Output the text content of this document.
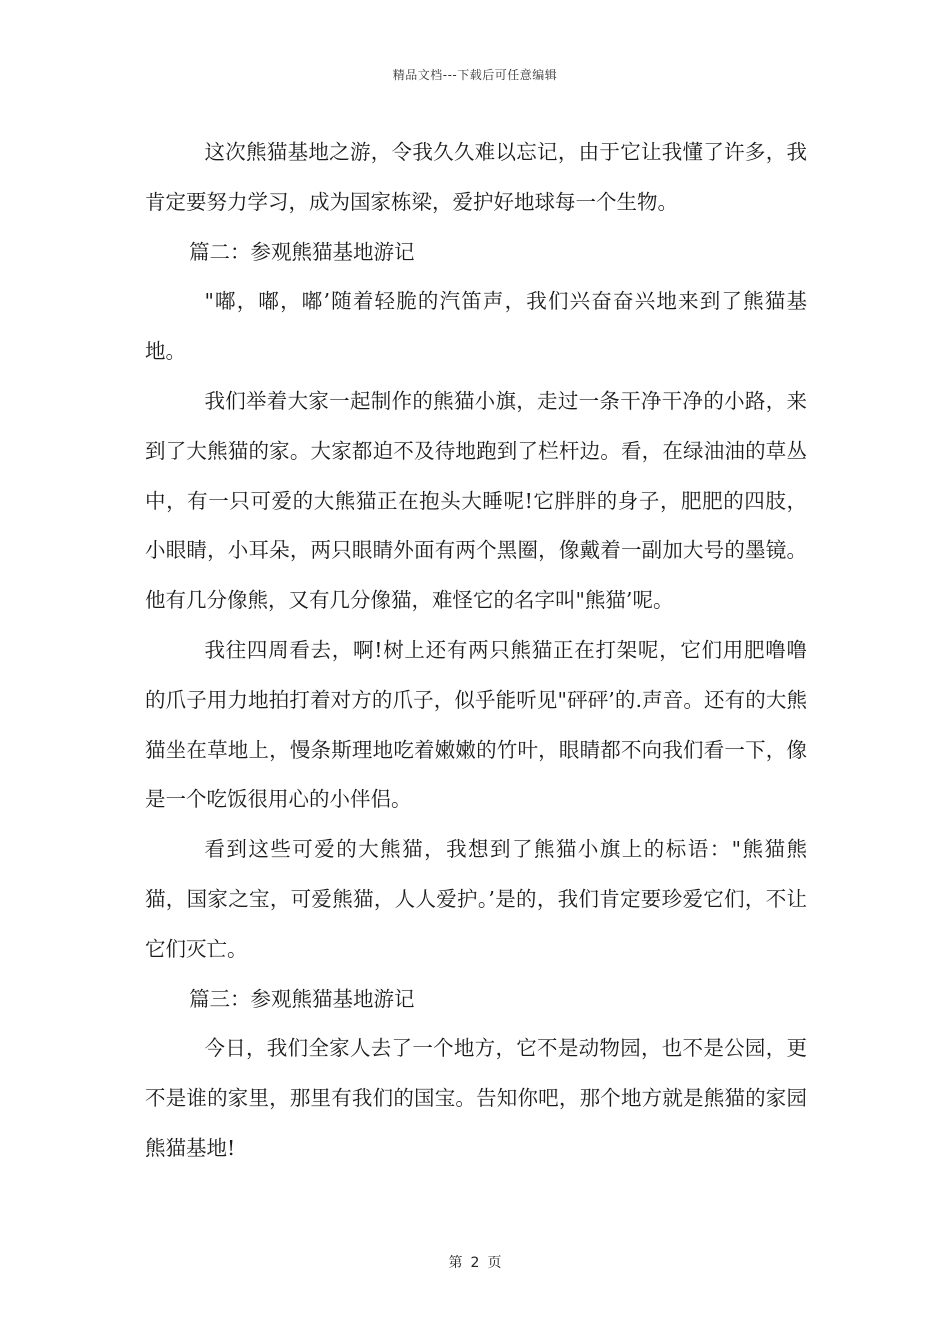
精品文档---下载后可任意编辑

这次熊猫基地之游，令我久久难以忘记，由于它让我懂了许多，我肯定要努力学习，成为国家栋梁，爱护好地球每一个生物。

篇二：参观熊猫基地游记

"嘟，嘟，嘟’随着轻脆的汽笛声，我们兴奋奋兴地来到了熊猫基地。

我们举着大家一起制作的熊猫小旗，走过一条干净干净的小路，来到了大熊猫的家。大家都迫不及待地跑到了栏杆边。看，在绿油油的草丛中，有一只可爱的大熊猫正在抱头大睡呢!它胖胖的身子，肥肥的四肢，小眼睛，小耳朵，两只眼睛外面有两个黑圈，像戴着一副加大号的墨镜。他有几分像熊，又有几分像猫，难怪它的名字叫"熊猫’呢。

我往四周看去，啊!树上还有两只熊猫正在打架呢，它们用肥噜噜的爪子用力地拍打着对方的爪子，似乎能听见"砰砰’的.声音。还有的大熊猫坐在草地上，慢条斯理地吃着嫩嫩的竹叶，眼睛都不向我们看一下，像是一个吃饭很用心的小伴侣。

看到这些可爱的大熊猫，我想到了熊猫小旗上的标语："熊猫熊猫，国家之宝，可爱熊猫，人人爱护。’是的，我们肯定要珍爱它们，不让它们灭亡。

篇三：参观熊猫基地游记

今日，我们全家人去了一个地方，它不是动物园，也不是公园，更不是谁的家里，那里有我们的国宝。告知你吧，那个地方就是熊猫的家园熊猫基地!

第 2 页
